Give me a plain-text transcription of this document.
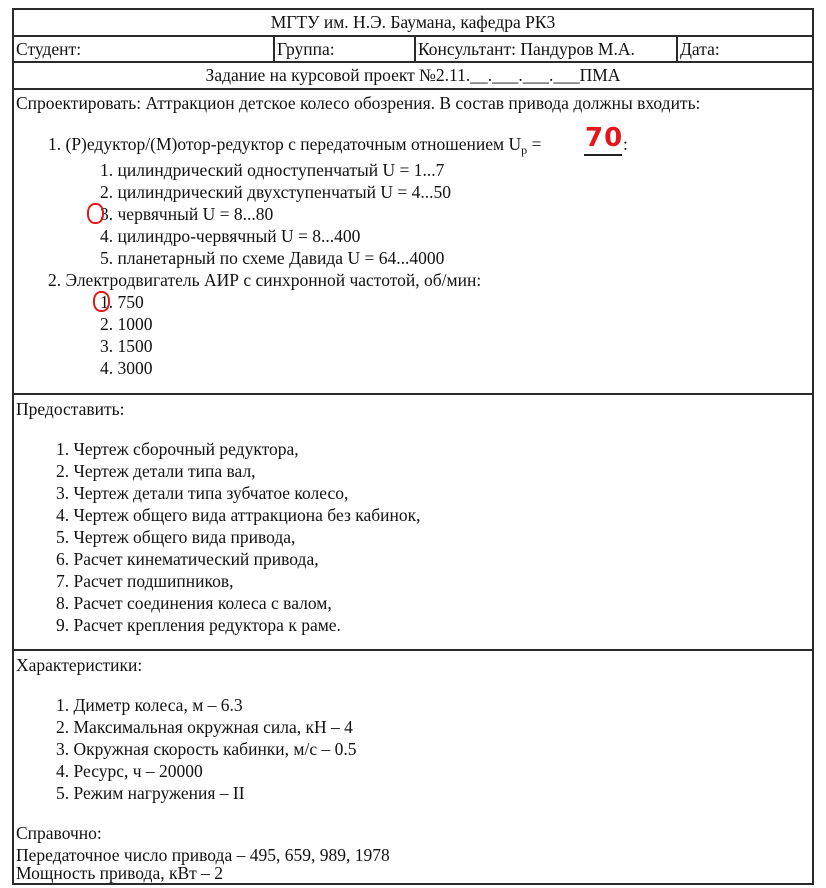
МГТУ им. Н.Э. Баумана, кафедра РК3
Студент:	Группа:	Консультант: Пандуров М.А.	Дата:
Задание на курсовой проект №2.11.__.___.___.___ПМА
Спроектировать: Аттракцион детское колесо обозрения. В состав привода должны входить:
1. (Р)едуктор/(М)отор-редуктор с передаточным отношением $U_p = 70$ :
1. цилиндрический одноступенчатый U = 1...7
2. цилиндрический двухступенчатый U = 4...50
3. червячный U = 8...80
4. цилиндро-червячный U = 8...400
5. планетарный по схеме Давида U = 64...4000
2. Электродвигатель АИР с синхронной частотой, об/мин:
1. 750
2. 1000
3. 1500
4. 3000
Предоставить:
1. Чертеж сборочный редуктора,
2. Чертеж детали типа вал,
3. Чертеж детали типа зубчатое колесо,
4. Чертеж общего вида аттракциона без кабинок,
5. Чертеж общего вида привода,
6. Расчет кинематический привода,
7. Расчет подшипников,
8. Расчет соединения колеса с валом,
9. Расчет крепления редуктора к раме.
Характеристики:
1. Диметр колеса, м – 6.3
2. Максимальная окружная сила, кН – 4
3. Окружная скорость кабинки, м/с – 0.5
4. Ресурс, ч – 20000
5. Режим нагружения – II
Справочно:
Передаточное число привода – 495, 659, 989, 1978
Мощность привода, кВт – 2
